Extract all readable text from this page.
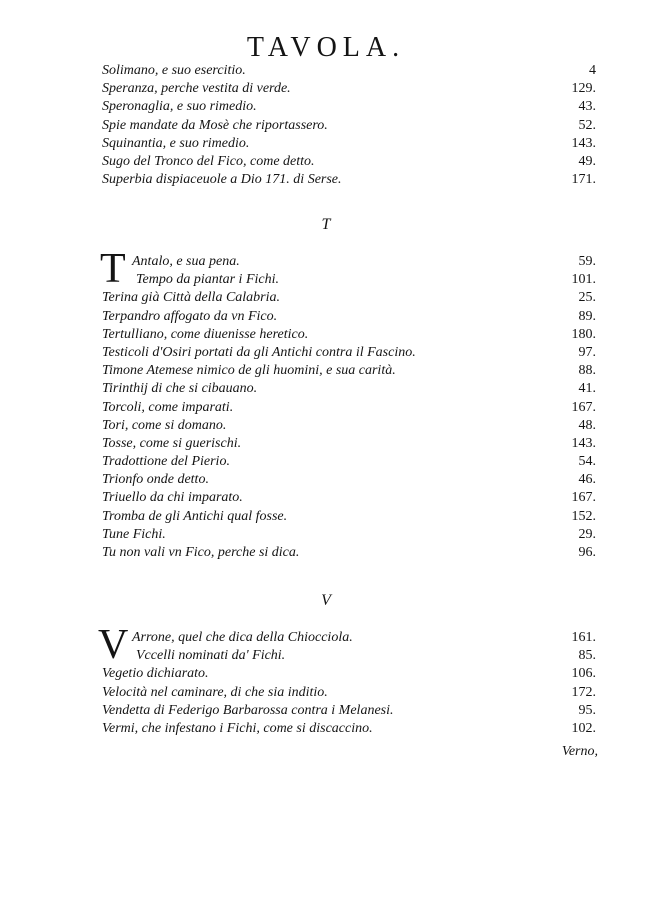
TAVOLA.
Solimano, e suo esercitio.	4
Speranza, perche vestita di verde.	129.
Speronaglia, e suo rimedio.	43.
Spie mandate da Mosè che riportassero.	52.
Squinantia, e suo rimedio.	143.
Sugo del Tronco del Fico, come detto.	49.
Superbia dispiaceuole a Dio 171. di Serse.	171.
T
T Antalo, e sua pena.	59.
Tempo da piantar i Fichi.	101.
Terina già Città della Calabria.	25.
Terpandro affogato da vn Fico.	89.
Tertulliano, come diuenisse heretico.	180.
Testicoli d'Osiri portati da gli Antichi contra il Fascino.	97.
Timone Atemese nimico de gli huomini, e sua carità.	88.
Tirinthij di che si cibauano.	41.
Torcoli, come imparati.	167.
Tori, come si domano.	48.
Tosse, come si guerischi.	143.
Tradottione del Pierio.	54.
Trionfo onde detto.	46.
Triuello da chi imparato.	167.
Tromba de gli Antichi qual fosse.	152.
Tune Fichi.	29.
Tu non vali vn Fico, perche si dica.	96.
V
V Arrone, quel che dica della Chiocciola.	161.
Vccelli nominati da' Fichi.	85.
Vegetio dichiarato.	106.
Velocità nel caminare, di che sia inditio.	172.
Vendetta di Federigo Barbarossa contra i Melanesi.	95.
Vermi, che infestano i Fichi, come si discaccino.	102.
Verno,
